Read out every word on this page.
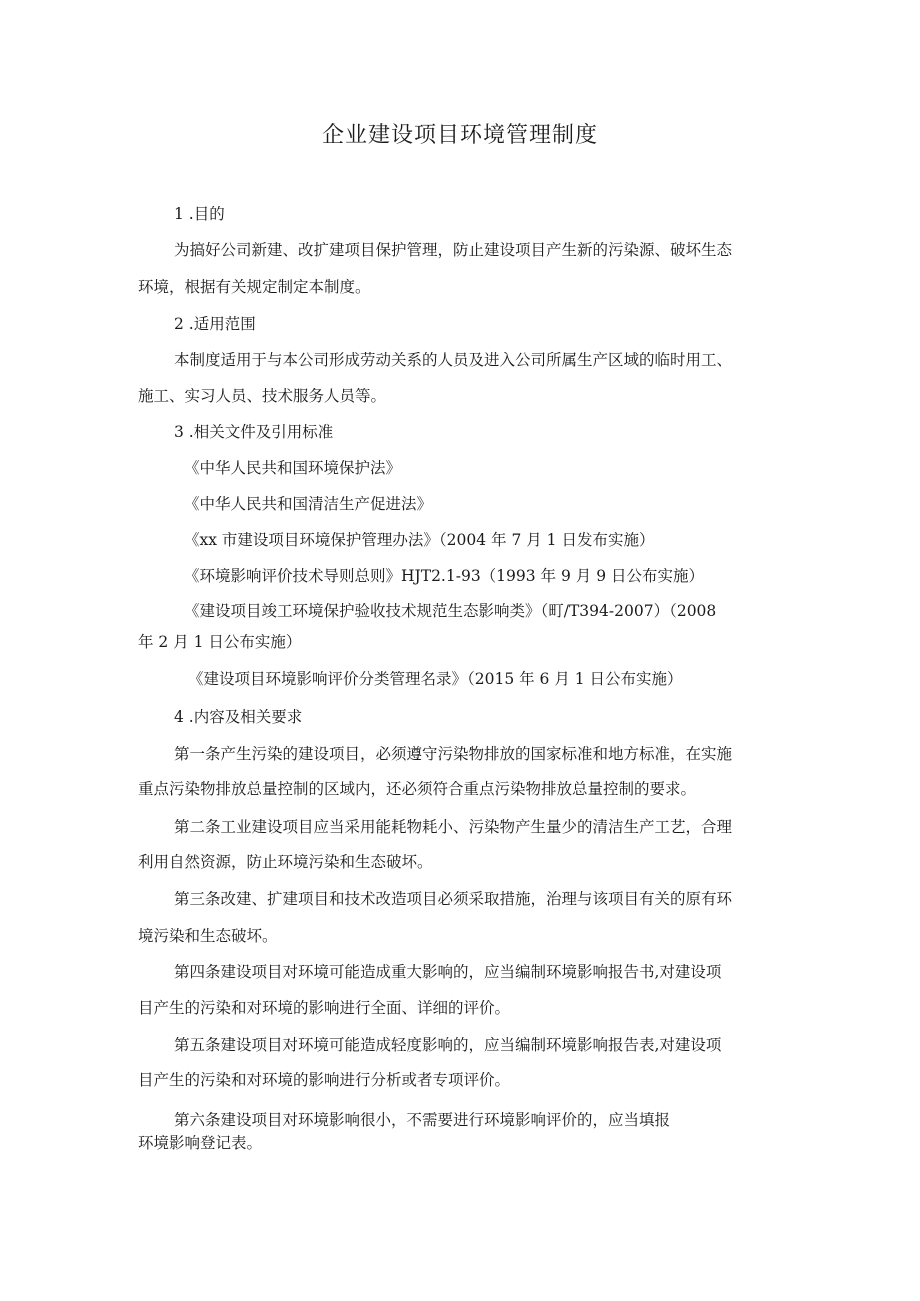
企业建设项目环境管理制度
1 .目的
为搞好公司新建、改扩建项目保护管理，防止建设项目产生新的污染源、破坏生态
环境，根据有关规定制定本制度。
2 .适用范围
本制度适用于与本公司形成劳动关系的人员及进入公司所属生产区域的临时用工、
施工、实习人员、技术服务人员等。
3 .相关文件及引用标准
《中华人民共和国环境保护法》
《中华人民共和国清洁生产促进法》
《xx 市建设项目环境保护管理办法》（2004 年 7 月 1 日发布实施）
《环境影响评价技术导则总则》HJT2.1-93（1993 年 9 月 9 日公布实施）
《建设项目竣工环境保护验收技术规范生态影响类》（町/T394-2007）（2008
年 2 月 1 日公布实施）
《建设项目环境影响评价分类管理名录》（2015 年 6 月 1 日公布实施）
4 .内容及相关要求
第一条产生污染的建设项目，必须遵守污染物排放的国家标准和地方标准，在实施
重点污染物排放总量控制的区域内，还必须符合重点污染物排放总量控制的要求。
第二条工业建设项目应当采用能耗物耗小、污染物产生量少的清洁生产工艺，合理
利用自然资源，防止环境污染和生态破坏。
第三条改建、扩建项目和技术改造项目必须采取措施，治理与该项目有关的原有环
境污染和生态破坏。
第四条建设项目对环境可能造成重大影响的，应当编制环境影响报告书,对建设项
目产生的污染和对环境的影响进行全面、详细的评价。
第五条建设项目对环境可能造成轻度影响的，应当编制环境影响报告表,对建设项
目产生的污染和对环境的影响进行分析或者专项评价。
第六条建设项目对环境影响很小，不需要进行环境影响评价的，应当填报
环境影响登记表。
